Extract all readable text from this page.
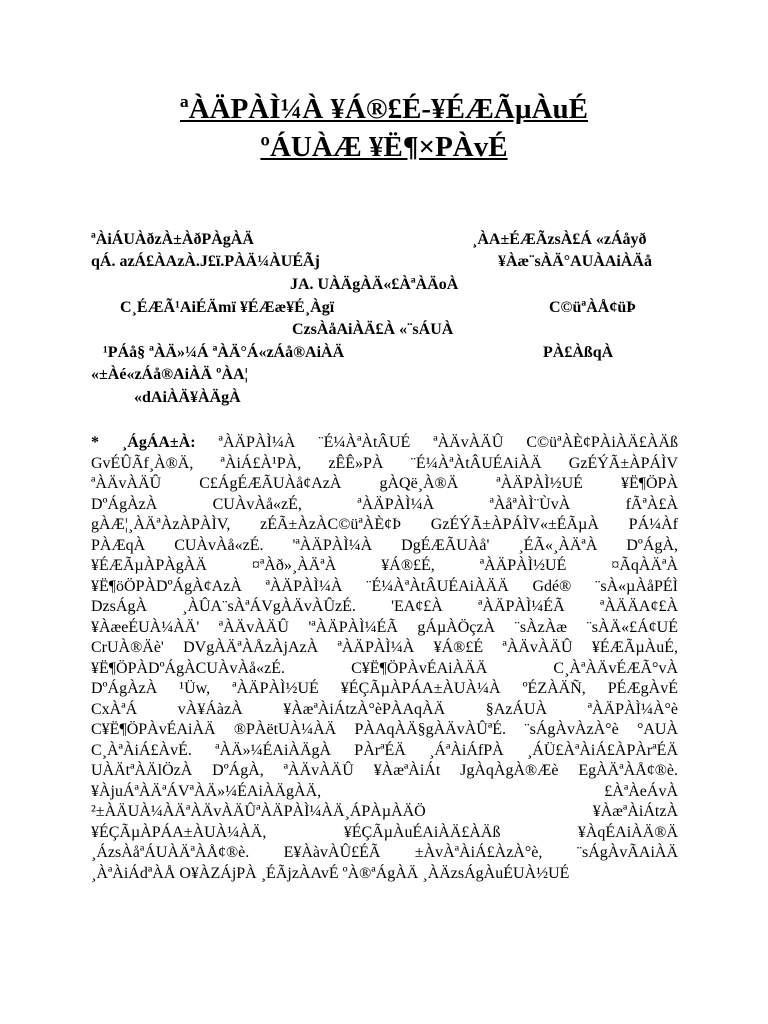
ªÀÄPÀÌ¼À ¥Á®£É-¥ÉÆÃµÀuÉ
ºÁUÀÆ ¥Ë¶×PÀvÉ
ªÀiÁUÀðzÀ±ÀðPÀgÀÄ	¸ÀA±ÉÆÃzsÀ£Á «zÁåyð
qÁ. azÁ£ÀAzÀ.J£ï.PÀÄ¼ÀUÉÃj	¥Àæ¨sÀÄ°AUÀAiÀÄå
JA. UÀÄgÀÄ«£ÀªÀÄoÀ
C¸ÉÆÃ¹AiÉÄmï ¥ÉÆæ¥É¸Àgï	C©üªÀÅ¢üÞ
CzsÀåAiÀÄ£À «¨sÁUÀ
¹PÁå§ ªÀÄ»¼Á ªÀÄ°Á«zÁå®AiÀÄ	PÀ£ÀßqÀ
«±Àé«zÁå®AiÀÄ ºÀA¦
«dAiÀÄ¥ÀÄgÀ
* ¸ÁgÁA±À: ªÀÄPÀÌ¼À ¨É¼ÀªÀtÂUÉ ªÀÄvÀÄÛ C©üªÀÈ¢PÀiÀÄ£ÀÄß
GvÉÛÃf¸À®Ä, ªÀiÁ£À¹PÀ, zÊÊ»PÀ ¨É¼ÀªÀtÂUÉAiÀÄ GzÉÝÃ±ÀPÁÌV
ªÀÄvÀÄÛ C£ÁgÉÆÃUÀå¢AzÀ gÀQë¸À®Ä ªÀÄPÀÌ½UÉ ¥Ë¶ÖPÀ
DºÁgÀzÀ CUÀvÀå«zÉ, ªÀÄPÀÌ¼À ªÀåªÀÌ¨ÙvÀ fÃªÀ£À
gÀÆ¦¸ÀÄªÀzÀPÀÌV, zÉÃ±ÀzÀC©üªÀÈ¢Þ GzÉÝÃ±ÀPÁÌV«±ÉÃµÀ PÁ¼Àf
PÀÆqÀ CUÀvÀå«zÉ. 'ªÀÄPÀÌ¼À DgÉÆÃUÀå' ¸ÉÃ«¸ÀÄªÀ DºÁgÀ,
¥ÉÆÃµÀPÀgÀÄ ¤ªÀð»¸ÀÄªÀ ¥Á®£É, ªÀÄPÀÌ½UÉ ¤ÃqÀÄªÀ
¥Ë¶öÖPÀDºÁgÀ¢AzÀ ªÀÄPÀÌ¼À ¨É¼ÀªÀtÂUÉAiÀÄÄ Gdé® ¨sÀ«µÀåPÉÌ
DzsÁgÀ ¸ÀÛA¨sÀªÁVgÀÄvÀÛzÉ. 'EA¢£À ªÀÄPÀÌ¼ÉÃ ªÀÄÄA¢£À
¥ÀæeÉUÀ¼ÀÄ' ªÀÄvÀÄÛ 'ªÀÄPÀÌ¼ÉÃ gÁµÀÖçzÀ ¨sÀzÀæ ¨sÀÄ«£Á¢UÉ
CrUÀ®Äè' DVgÀÄªÀÅzÀjAzÀ ªÀÄPÀÌ¼À ¥Á®£É ªÀÄvÀÄÛ ¥ÉÆÃµÀuÉ,
¥Ë¶ÖPÀDºÁgÀCUÀvÀå«zÉ. C¥Ë¶ÖPÀvÉAiÀÄÄ C¸ÀªÀÄvÉÆÃ°vÀ
DºÁgÀzÀ ¹Üw, ªÀÄPÀÌ½UÉ ¥ÉÇÃµÀPÁA±ÀUÀ¼À ºÉZÀÄÑ, PÉÆgÀvÉ
CxÀªÁ vÀ¥ÁàzÀ ¥ÀæªÀiÁtzÀ°èPÀAqÀÄ §AzÁUÀ ªÀÄPÀÌ¼À°è
C¥Ë¶ÖPÀvÉAiÀÄ ®PÀëtUÀ¼ÀÄ PÀAqÀÄ§gÀÄvÀÛªÉ. ¨sÁgÀvÀzÀ°è °AUÀ
C¸ÀªÀiÁ£ÀvÉ. ªÀÄ»¼ÉAiÀÄgÀ PÀrªÉÄ ¸ÁªÀiÁfPÀ ¸ÁÜ£ÀªÀiÁ£ÀPÀrªÉÄ
UÀÄtªÀÄlÖzÀ DºÁgÀ, ªÀÄvÀÄÛ ¥ÀæªÀiÁt JgÀqÀgÀ®Æè EgÀÄªÀÅ¢®è.
¥ÀjuÁªÀÄªÁVªÀÄ»¼ÉAiÀÄgÀÄ, £ÀªÀeÁvÀ
²±ÀÄUÀ¼ÀÄªÀÄvÀÄÛªÀÄPÀÌ¼ÀÄ¸ÁPÀµÀÄÖ ¥ÀæªÀiÁtzÀ
¥ÉÇÃµÀPÁA±ÀUÀ¼ÀÄ, ¥ÉÇÃµÀuÉAiÀÄ£ÀÄß ¥ÀqÉAiÀÄ®Ä
¸ÁzsÀåªÁUÀÄªÀÅ¢®è. E¥ÀàvÀÛ£ÉÃ ±ÀvÀªÀiÁ£ÀzÀ°è, ¨sÁgÀvÃAiÀÄ
¸ÀªÀiÁdªÀÅ O¥ÀZÁjPÀ ¸ÉÃjzÀAvÉ ºÀ®ªÁgÀÄ ¸ÀÄzsÁgÀuÉUÀ½UÉ
